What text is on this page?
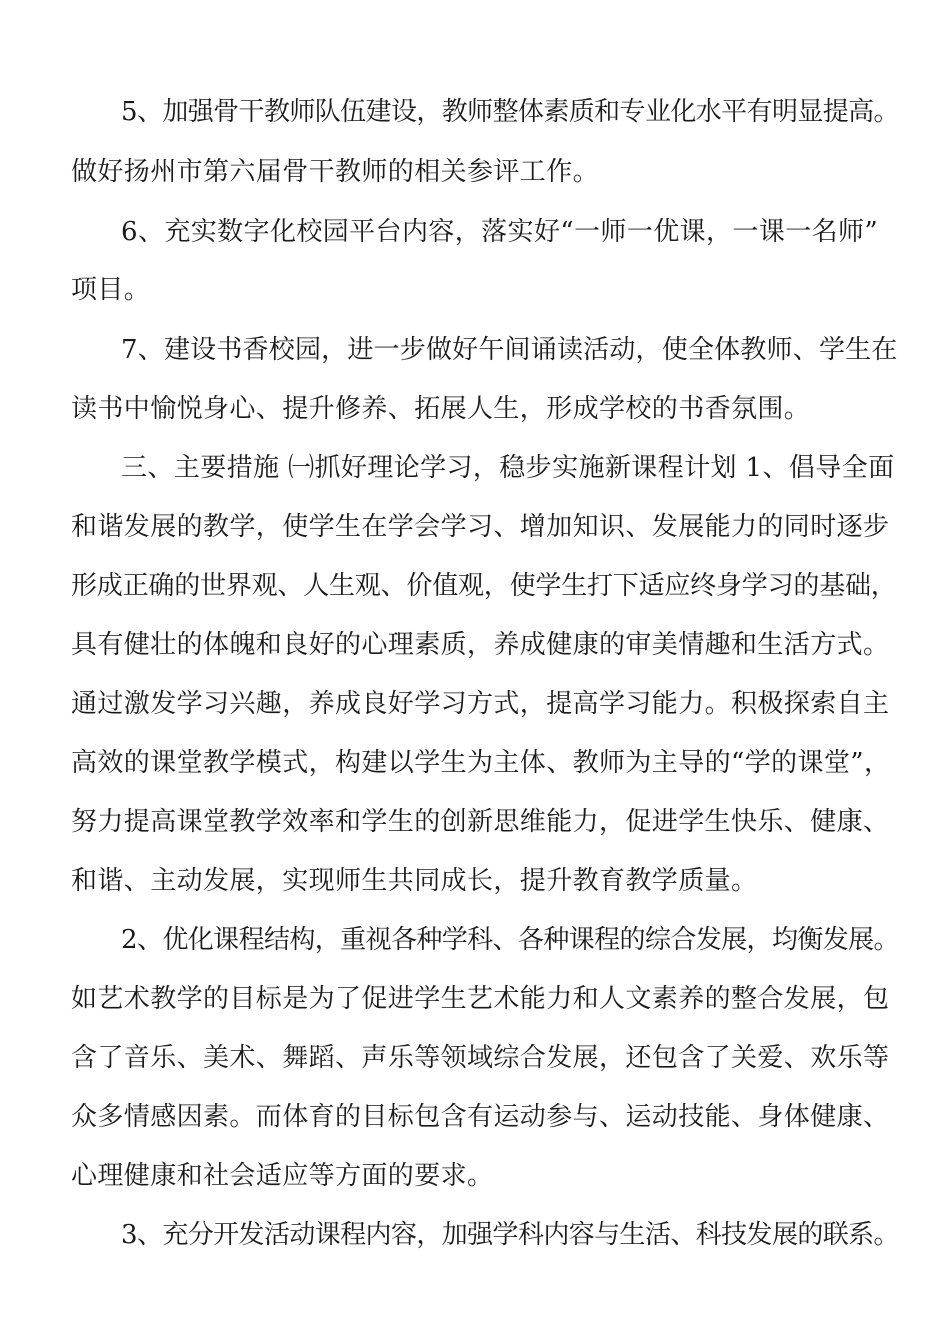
5、加强骨干教师队伍建设，教师整体素质和专业化水平有明显提高。

做好扬州市第六届骨干教师的相关参评工作。

6、充实数字化校园平台内容，落实好“一师一优课，一课一名师”

项目。

7、建设书香校园，进一步做好午间诵读活动，使全体教师、学生在

读书中愉悦身心、提升修养、拓展人生，形成学校的书香氛围。

三、主要措施 ㈠抓好理论学习，稳步实施新课程计划 1、倡导全面

和谐发展的教学，使学生在学会学习、增加知识、发展能力的同时逐步

形成正确的世界观、人生观、价值观，使学生打下适应终身学习的基础，

具有健壮的体魄和良好的心理素质，养成健康的审美情趣和生活方式。

通过激发学习兴趣，养成良好学习方式，提高学习能力。积极探索自主

高效的课堂教学模式，构建以学生为主体、教师为主导的“学的课堂”，

努力提高课堂教学效率和学生的创新思维能力，促进学生快乐、健康、

和谐、主动发展，实现师生共同成长，提升教育教学质量。

2、优化课程结构，重视各种学科、各种课程的综合发展，均衡发展。

如艺术教学的目标是为了促进学生艺术能力和人文素养的整合发展，包

含了音乐、美术、舞蹈、声乐等领域综合发展，还包含了关爱、欢乐等

众多情感因素。而体育的目标包含有运动参与、运动技能、身体健康、

心理健康和社会适应等方面的要求。

3、充分开发活动课程内容，加强学科内容与生活、科技发展的联系。
